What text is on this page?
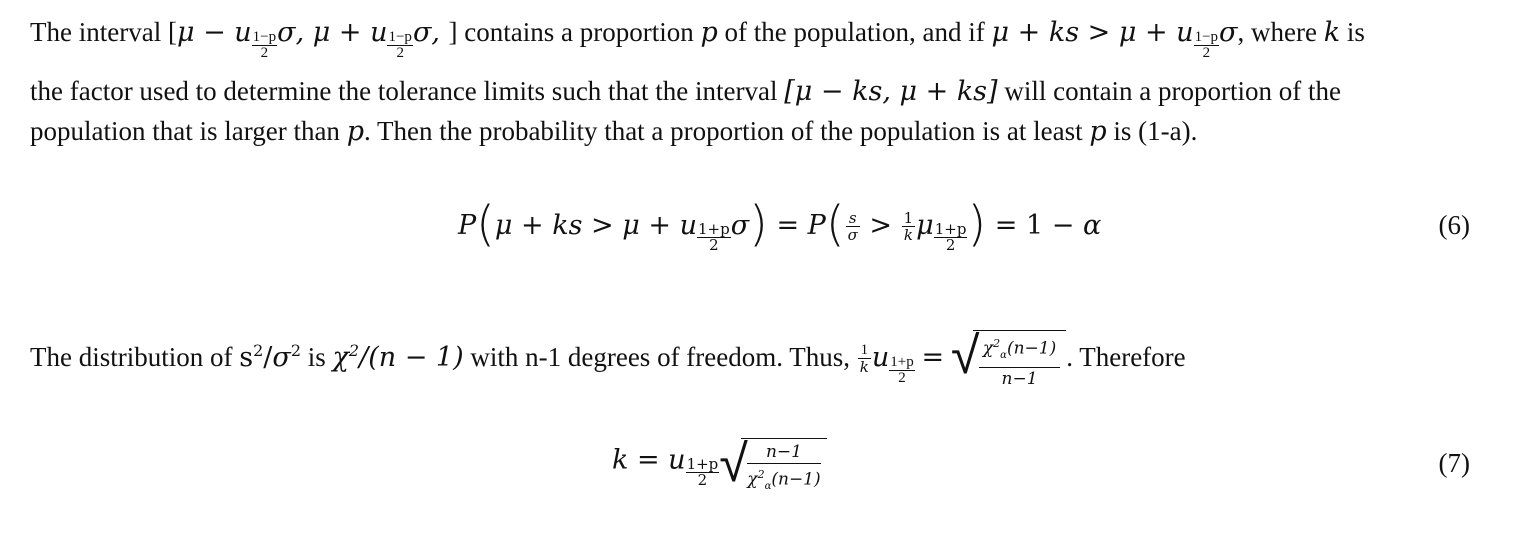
The interval [μ − u $\frac{1-p}{2} \sigma$, μ + u $\frac{1-p}{2} \sigma$, ] contains a proportion p of the population, and if μ + ks > μ + u $\frac{1-p}{2} \sigma$, where k is
the factor used to determine the tolerance limits such that the interval [μ − ks, μ + ks] will contain a proportion of the
population that is larger than p. Then the probability that a proportion of the population is at least p is (1-a).
P(μ + ks > μ + u $\frac{1+p}{2} \sigma) = P( \frac{s}{\sigma} > \frac{1}{k}$ μ $\frac{1+p}{2}$ ) = 1 − α	(6)
The distribution of $s^2/\sigma^2$ is $\chi^2/(n - 1)$ with n-1 degrees of freedom. Thus, $\frac{1}{k}$ u $\frac{1+p}{2}$ = √
$\frac{\chi^2_\alpha(n-1)}{n-1}$ . Therefore
k = u $\frac{1+p}{2}$ √
$\frac{n-1}{\chi^2_\alpha(n-1)}$	(7)
